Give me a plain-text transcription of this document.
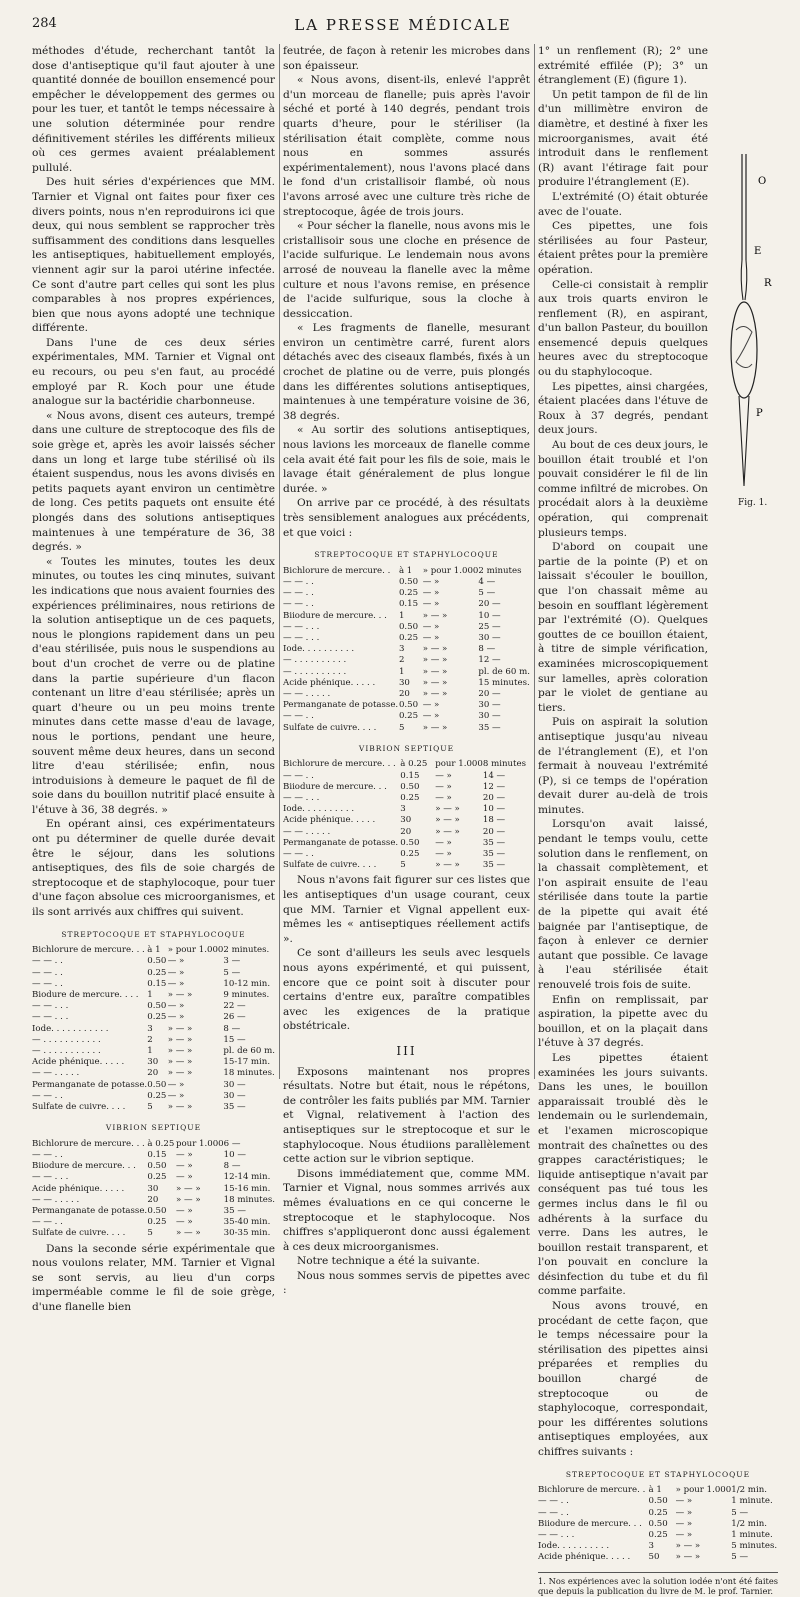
284	LA PRESSE MÉDICALE

méthodes d'étude, recherchant tantôt la dose d'antiseptique qu'il faut ajouter à une quantité donnée de bouillon ensemencé pour empêcher le développement des germes ou pour les tuer, et tantôt le temps nécessaire à une solution déterminée pour rendre définitivement stériles les différents milieux où ces germes avaient préalablement pullulé.

Des huit séries d'expériences que MM. Tarnier et Vignal ont faites pour fixer ces divers points, nous n'en reproduirons ici que deux, qui nous semblent se rapprocher très suffisamment des conditions dans lesquelles les antiseptiques, habituellement employés, viennent agir sur la paroi utérine infectée. Ce sont d'autre part celles qui sont les plus comparables à nos propres expériences, bien que nous ayons adopté une technique différente.

Dans l'une de ces deux séries expérimentales, MM. Tarnier et Vignal ont eu recours, ou peu s'en faut, au procédé employé par R. Koch pour une étude analogue sur la bactéridie charbonneuse.

« Nous avons, disent ces auteurs, trempé dans une culture de streptocoque des fils de soie grège et, après les avoir laissés sécher dans un long et large tube stérilisé où ils étaient suspendus, nous les avons divisés en petits paquets ayant environ un centimètre de long. Ces petits paquets ont ensuite été plongés dans des solutions antiseptiques maintenues à une température de 36, 38 degrés. »

« Toutes les minutes, toutes les deux minutes, ou toutes les cinq minutes, suivant les indications que nous avaient fournies des expériences préliminaires, nous retirions de la solution antiseptique un de ces paquets, nous le plongions rapidement dans un peu d'eau stérilisée, puis nous le suspendions au bout d'un crochet de verre ou de platine dans la partie supérieure d'un flacon contenant un litre d'eau stérilisée; après un quart d'heure ou un peu moins trente minutes dans cette masse d'eau de lavage, nous le portions, pendant une heure, souvent même deux heures, dans un second litre d'eau stérilisée; enfin, nous introduisions à demeure le paquet de fil de soie dans du bouillon nutritif placé ensuite à l'étuve à 36, 38 degrés. »

En opérant ainsi, ces expérimentateurs ont pu déterminer de quelle durée devait être le séjour, dans les solutions antiseptiques, des fils de soie chargés de streptocoque et de staphylocoque, pour tuer d'une façon absolue ces microorganismes, et ils sont arrivés aux chiffres qui suivent.

STREPTOCOQUE ET STAPHYLOCOQUE
Bichlorure de mercure. . .	à 1	» pour 1.000	2 minutes.
— — . .	0.50	— »	3 —
— — . .	0.25	— »	5 —
— — . .	0.15	— »	10-12 min.
Biodure de mercure. . . .	1	» — »	9 minutes.
— — . . .	0.50	— »	22 —
— — . . .	0.25	— »	26 —
Iode. . . . . . . . . . .	3	» — »	8 —
— . . . . . . . . . . .	2	» — »	15 —
— . . . . . . . . . . .	1	» — »	pl. de 60 m.
Acide phénique. . . . .	30	» — »	15-17 min.
— — . . . . .	20	» — »	18 minutes.
Permanganate de potasse.	0.50	— »	30 —
— — . .	0.25	— »	30 —
Sulfate de cuivre. . . .	5	» — »	35 —
VIBRION SEPTIQUE
Bichlorure de mercure. . .	à 0.25	pour 1.000	6 —
— — . .	0.15	— »	10 —
Biiodure de mercure. . .	0.50	— »	8 —
— — . . .	0.25	— »	12-14 min.
Acide phénique. . . . .	30	» — »	15-16 min.
— — . . . . .	20	» — »	18 minutes.
Permanganate de potasse.	0.50	— »	35 —
— — . .	0.25	— »	35-40 min.
Sulfate de cuivre. . . .	5	» — »	30-35 min.

Dans la seconde série expérimentale que nous voulons relater, MM. Tarnier et Vignal se sont servis, au lieu d'un corps imperméable comme le fil de soie grège, d'une flanelle bien

feutrée, de façon à retenir les microbes dans son épaisseur.

« Nous avons, disent-ils, enlevé l'apprêt d'un morceau de flanelle; puis après l'avoir séché et porté à 140 degrés, pendant trois quarts d'heure, pour le stériliser (la stérilisation était complète, comme nous nous en sommes assurés expérimentalement), nous l'avons placé dans le fond d'un cristallisoir flambé, où nous l'avons arrosé avec une culture très riche de streptocoque, âgée de trois jours.

« Pour sécher la flanelle, nous avons mis le cristallisoir sous une cloche en présence de l'acide sulfurique. Le lendemain nous avons arrosé de nouveau la flanelle avec la même culture et nous l'avons remise, en présence de l'acide sulfurique, sous la cloche à dessiccation.

« Les fragments de flanelle, mesurant environ un centimètre carré, furent alors détachés avec des ciseaux flambés, fixés à un crochet de platine ou de verre, puis plongés dans les différentes solutions antiseptiques, maintenues à une température voisine de 36, 38 degrés.

« Au sortir des solutions antiseptiques, nous lavions les morceaux de flanelle comme cela avait été fait pour les fils de soie, mais le lavage était généralement de plus longue durée. »

On arrive par ce procédé, à des résultats très sensiblement analogues aux précédents, et que voici :

STREPTOCOQUE ET STAPHYLOCOQUE
Bichlorure de mercure. .	à 1	» pour 1.000	2 minutes
— — . .	0.50	— »	4 —
— — . .	0.25	— »	5 —
— — . .	0.15	— »	20 —
Biiodure de mercure. . .	1	» — »	10 —
— — . . .	0.50	— »	25 —
— — . . .	0.25	— »	30 —
Iode. . . . . . . . . .	3	» — »	8 —
— . . . . . . . . . .	2	» — »	12 —
— . . . . . . . . . .	1	» — »	pl. de 60 m.
Acide phénique. . . . .	30	» — »	15 minutes.
— — . . . . .	20	» — »	20 —
Permanganate de potasse.	0.50	— »	30 —
— — . .	0.25	— »	30 —
Sulfate de cuivre. . . .	5	» — »	35 —
VIBRION SEPTIQUE
Bichlorure de mercure. . .	à 0.25	pour 1.000	8 minutes
— — . .	0.15	— »	14 —
Biiodure de mercure. . .	0.50	— »	12 —
— — . . .	0.25	— »	20 —
Iode. . . . . . . . . .	3	» — »	10 —
Acide phénique. . . . .	30	» — »	18 —
— — . . . . .	20	» — »	20 —
Permanganate de potasse.	0.50	— »	35 —
— — . .	0.25	— »	35 —
Sulfate de cuivre. . . .	5	» — »	35 —

Nous n'avons fait figurer sur ces listes que les antiseptiques d'un usage courant, ceux que MM. Tarnier et Vignal appellent eux-mêmes les « antiseptiques réellement actifs ».

Ce sont d'ailleurs les seuls avec lesquels nous ayons expérimenté, et qui puissent, encore que ce point soit à discuter pour certains d'entre eux, paraître compatibles avec les exigences de la pratique obstétricale.

III

Exposons maintenant nos propres résultats. Notre but était, nous le répétons, de contrôler les faits publiés par MM. Tarnier et Vignal, relativement à l'action des antiseptiques sur le streptocoque et sur le staphylocoque. Nous étudiions parallèlement cette action sur le vibrion septique.

Disons immédiatement que, comme MM. Tarnier et Vignal, nous sommes arrivés aux mêmes évaluations en ce qui concerne le streptocoque et le staphylocoque. Nos chiffres s'appliqueront donc aussi également à ces deux microorganismes.

Notre technique a été la suivante.

Nous nous sommes servis de pipettes avec :

1° un renflement (R); 2° une extrémité effilée (P); 3° un étranglement (E) (figure 1).

Un petit tampon de fil de lin d'un millimètre environ de diamètre, et destiné à fixer les microorganismes, avait été introduit dans le renflement (R) avant l'étirage fait pour produire l'étranglement (E).

L'extrémité (O) était obturée avec de l'ouate.

Ces pipettes, une fois stérilisées au four Pasteur, étaient prêtes pour la première opération.

Celle-ci consistait à remplir aux trois quarts environ le renflement (R), en aspirant, d'un ballon Pasteur, du bouillon ensemencé depuis quelques heures avec du streptocoque ou du staphylocoque.

Les pipettes, ainsi chargées, étaient placées dans l'étuve de Roux à 37 degrés, pendant deux jours.

Au bout de ces deux jours, le bouillon était troublé et l'on pouvait considérer le fil de lin comme infiltré de microbes. On procédait alors à la deuxième opération, qui comprenait plusieurs temps.

D'abord on coupait une partie de la pointe (P) et on laissait s'écouler le bouillon, que l'on chassait même au besoin en soufflant légèrement par l'extrémité (O). Quelques gouttes de ce bouillon étaient, à titre de simple vérification, examinées microscopiquement sur lamelles, après coloration par le violet de gentiane au tiers.

Puis on aspirait la solution antiseptique jusqu'au niveau de l'étranglement (E), et l'on fermait à nouveau l'extrémité (P), si ce temps de l'opération devait durer au-delà de trois minutes.

Lorsqu'on avait laissé, pendant le temps voulu, cette solution dans le renflement, on la chassait complètement, et l'on aspirait ensuite de l'eau stérilisée dans toute la partie de la pipette qui avait été baignée par l'antiseptique, de façon à enlever ce dernier autant que possible. Ce lavage à l'eau stérilisée était renouvelé trois fois de suite.

Enfin on remplissait, par aspiration, la pipette avec du bouillon, et on la plaçait dans l'étuve à 37 degrés.

Les pipettes étaient examinées les jours suivants. Dans les unes, le bouillon apparaissait troublé dès le lendemain ou le surlendemain, et l'examen microscopique montrait des chaînettes ou des grappes caractéristiques; le liquide antiseptique n'avait par conséquent pas tué tous les germes inclus dans le fil ou adhérents à la surface du verre. Dans les autres, le bouillon restait transparent, et l'on pouvait en conclure la désinfection du tube et du fil comme parfaite.

Nous avons trouvé, en procédant de cette façon, que le temps nécessaire pour la stérilisation des pipettes ainsi préparées et remplies du bouillon chargé de streptocoque ou de staphylocoque, correspondait, pour les différentes solutions antiseptiques employées, aux chiffres suivants :

STREPTOCOQUE ET STAPHYLOCOQUE
Bichlorure de mercure. .	à 1	» pour 1.000	1/2 min.
— — . .	0.50	— »	1 minute.
— — . .	0.25	— »	5 —
Biiodure de mercure. . .	0.50	— »	1/2 min.
— — . . .	0.25	— »	1 minute.
Iode. . . . . . . . . .	3	» — »	5 minutes.
Acide phénique. . . . .	50	» — »	5 —
1. Nos expériences avec la solution iodée n'ont été faites que depuis la publication du livre de M. le prof. Tarnier.
O
E
R
P
Fig. 1.
